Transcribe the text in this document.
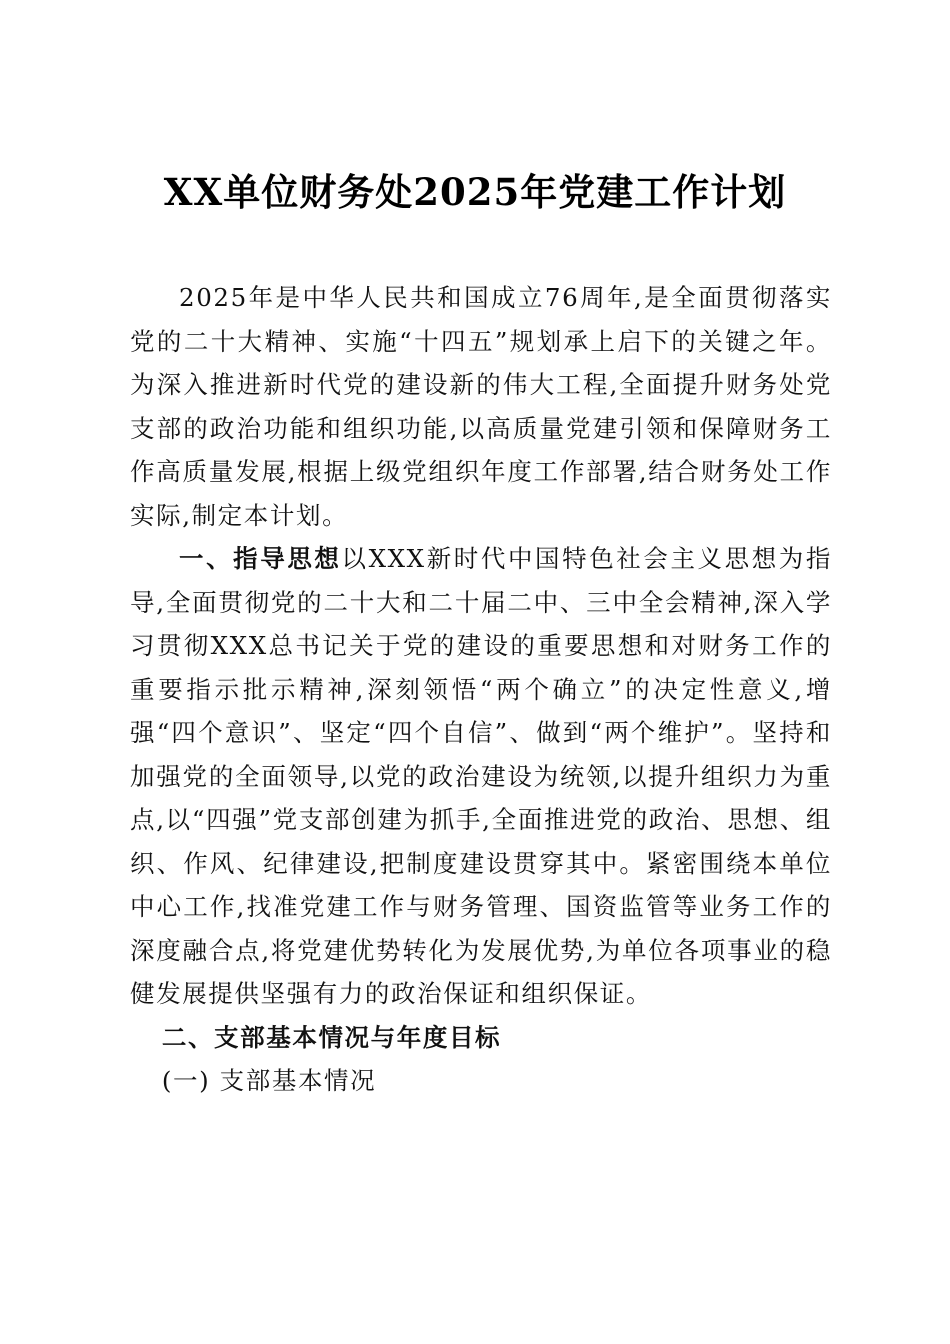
XX单位财务处2025年党建工作计划

2025年是中华人民共和国成立76周年,是全面贯彻落实党的二十大精神、实施“十四五”规划承上启下的关键之年。为深入推进新时代党的建设新的伟大工程,全面提升财务处党支部的政治功能和组织功能,以高质量党建引领和保障财务工作高质量发展,根据上级党组织年度工作部署,结合财务处工作实际,制定本计划。

一、指导思想以XXX新时代中国特色社会主义思想为指导,全面贯彻党的二十大和二十届二中、三中全会精神,深入学习贯彻XXX总书记关于党的建设的重要思想和对财务工作的重要指示批示精神,深刻领悟“两个确立”的决定性意义,增强“四个意识”、坚定“四个自信”、做到“两个维护”。坚持和加强党的全面领导,以党的政治建设为统领,以提升组织力为重点,以“四强”党支部创建为抓手,全面推进党的政治、思想、组织、作风、纪律建设,把制度建设贯穿其中。紧密围绕本单位中心工作,找准党建工作与财务管理、国资监管等业务工作的深度融合点,将党建优势转化为发展优势,为单位各项事业的稳健发展提供坚强有力的政治保证和组织保证。

二、支部基本情况与年度目标

(一) 支部基本情况
